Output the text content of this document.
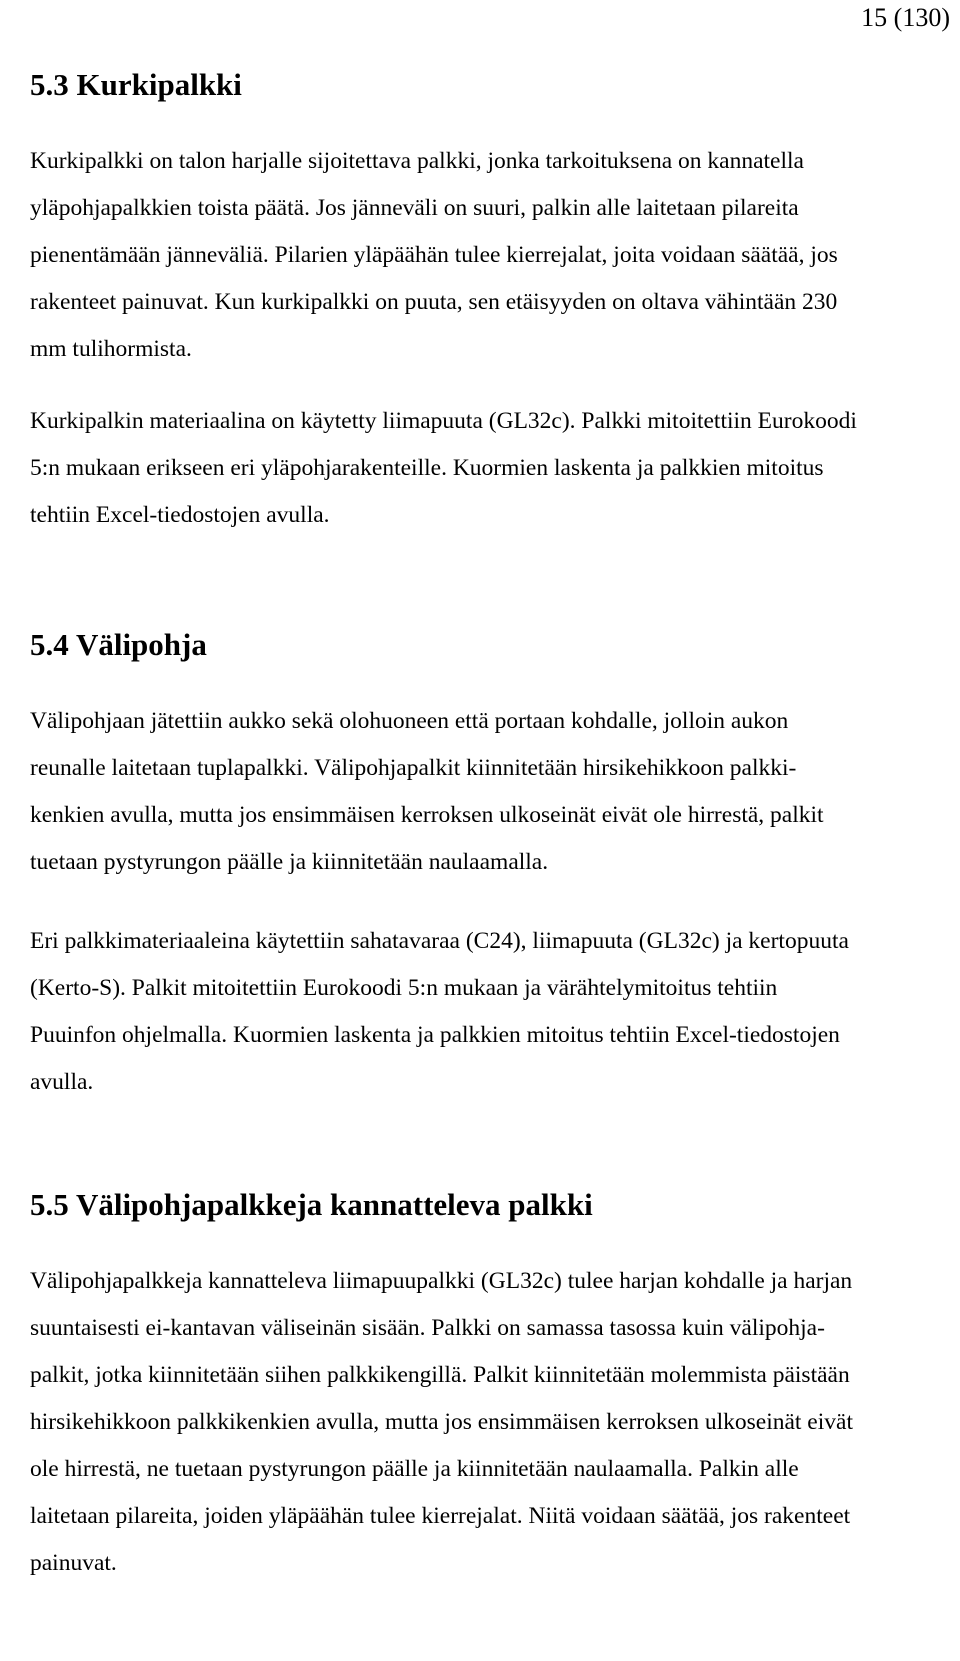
15 (130)
5.3 Kurkipalkki

Kurkipalkki on talon harjalle sijoitettava palkki, jonka tarkoituksena on kannatella
yläpohjapalkkien toista päätä. Jos jänneväli on suuri, palkin alle laitetaan pilareita
pienentämään jänneväliä. Pilarien yläpäähän tulee kierrejalat, joita voidaan säätää, jos
rakenteet painuvat. Kun kurkipalkki on puuta, sen etäisyyden on oltava vähintään 230
mm tulihormista.

Kurkipalkin materiaalina on käytetty liimapuuta (GL32c). Palkki mitoitettiin Eurokoodi
5:n mukaan erikseen eri yläpohjarakenteille. Kuormien laskenta ja palkkien mitoitus
tehtiin Excel-tiedostojen avulla.

5.4 Välipohja

Välipohjaan jätettiin aukko sekä olohuoneen että portaan kohdalle, jolloin aukon
reunalle laitetaan tuplapalkki. Välipohjapalkit kiinnitetään hirsikehikkoon palkki-
kenkien avulla, mutta jos ensimmäisen kerroksen ulkoseinät eivät ole hirrestä, palkit
tuetaan pystyrungon päälle ja kiinnitetään naulaamalla.

Eri palkkimateriaaleina käytettiin sahatavaraa (C24), liimapuuta (GL32c) ja kertopuuta
(Kerto-S). Palkit mitoitettiin Eurokoodi 5:n mukaan ja värähtelymitoitus tehtiin
Puuinfon ohjelmalla. Kuormien laskenta ja palkkien mitoitus tehtiin Excel-tiedostojen
avulla.

5.5 Välipohjapalkkeja kannatteleva palkki

Välipohjapalkkeja kannatteleva liimapuupalkki (GL32c) tulee harjan kohdalle ja harjan
suuntaisesti ei-kantavan väliseinän sisään. Palkki on samassa tasossa kuin välipohja-
palkit, jotka kiinnitetään siihen palkkikengillä. Palkit kiinnitetään molemmista päistään
hirsikehikkoon palkkikenkien avulla, mutta jos ensimmäisen kerroksen ulkoseinät eivät
ole hirrestä, ne tuetaan pystyrungon päälle ja kiinnitetään naulaamalla. Palkin alle
laitetaan pilareita, joiden yläpäähän tulee kierrejalat. Niitä voidaan säätää, jos rakenteet
painuvat.
